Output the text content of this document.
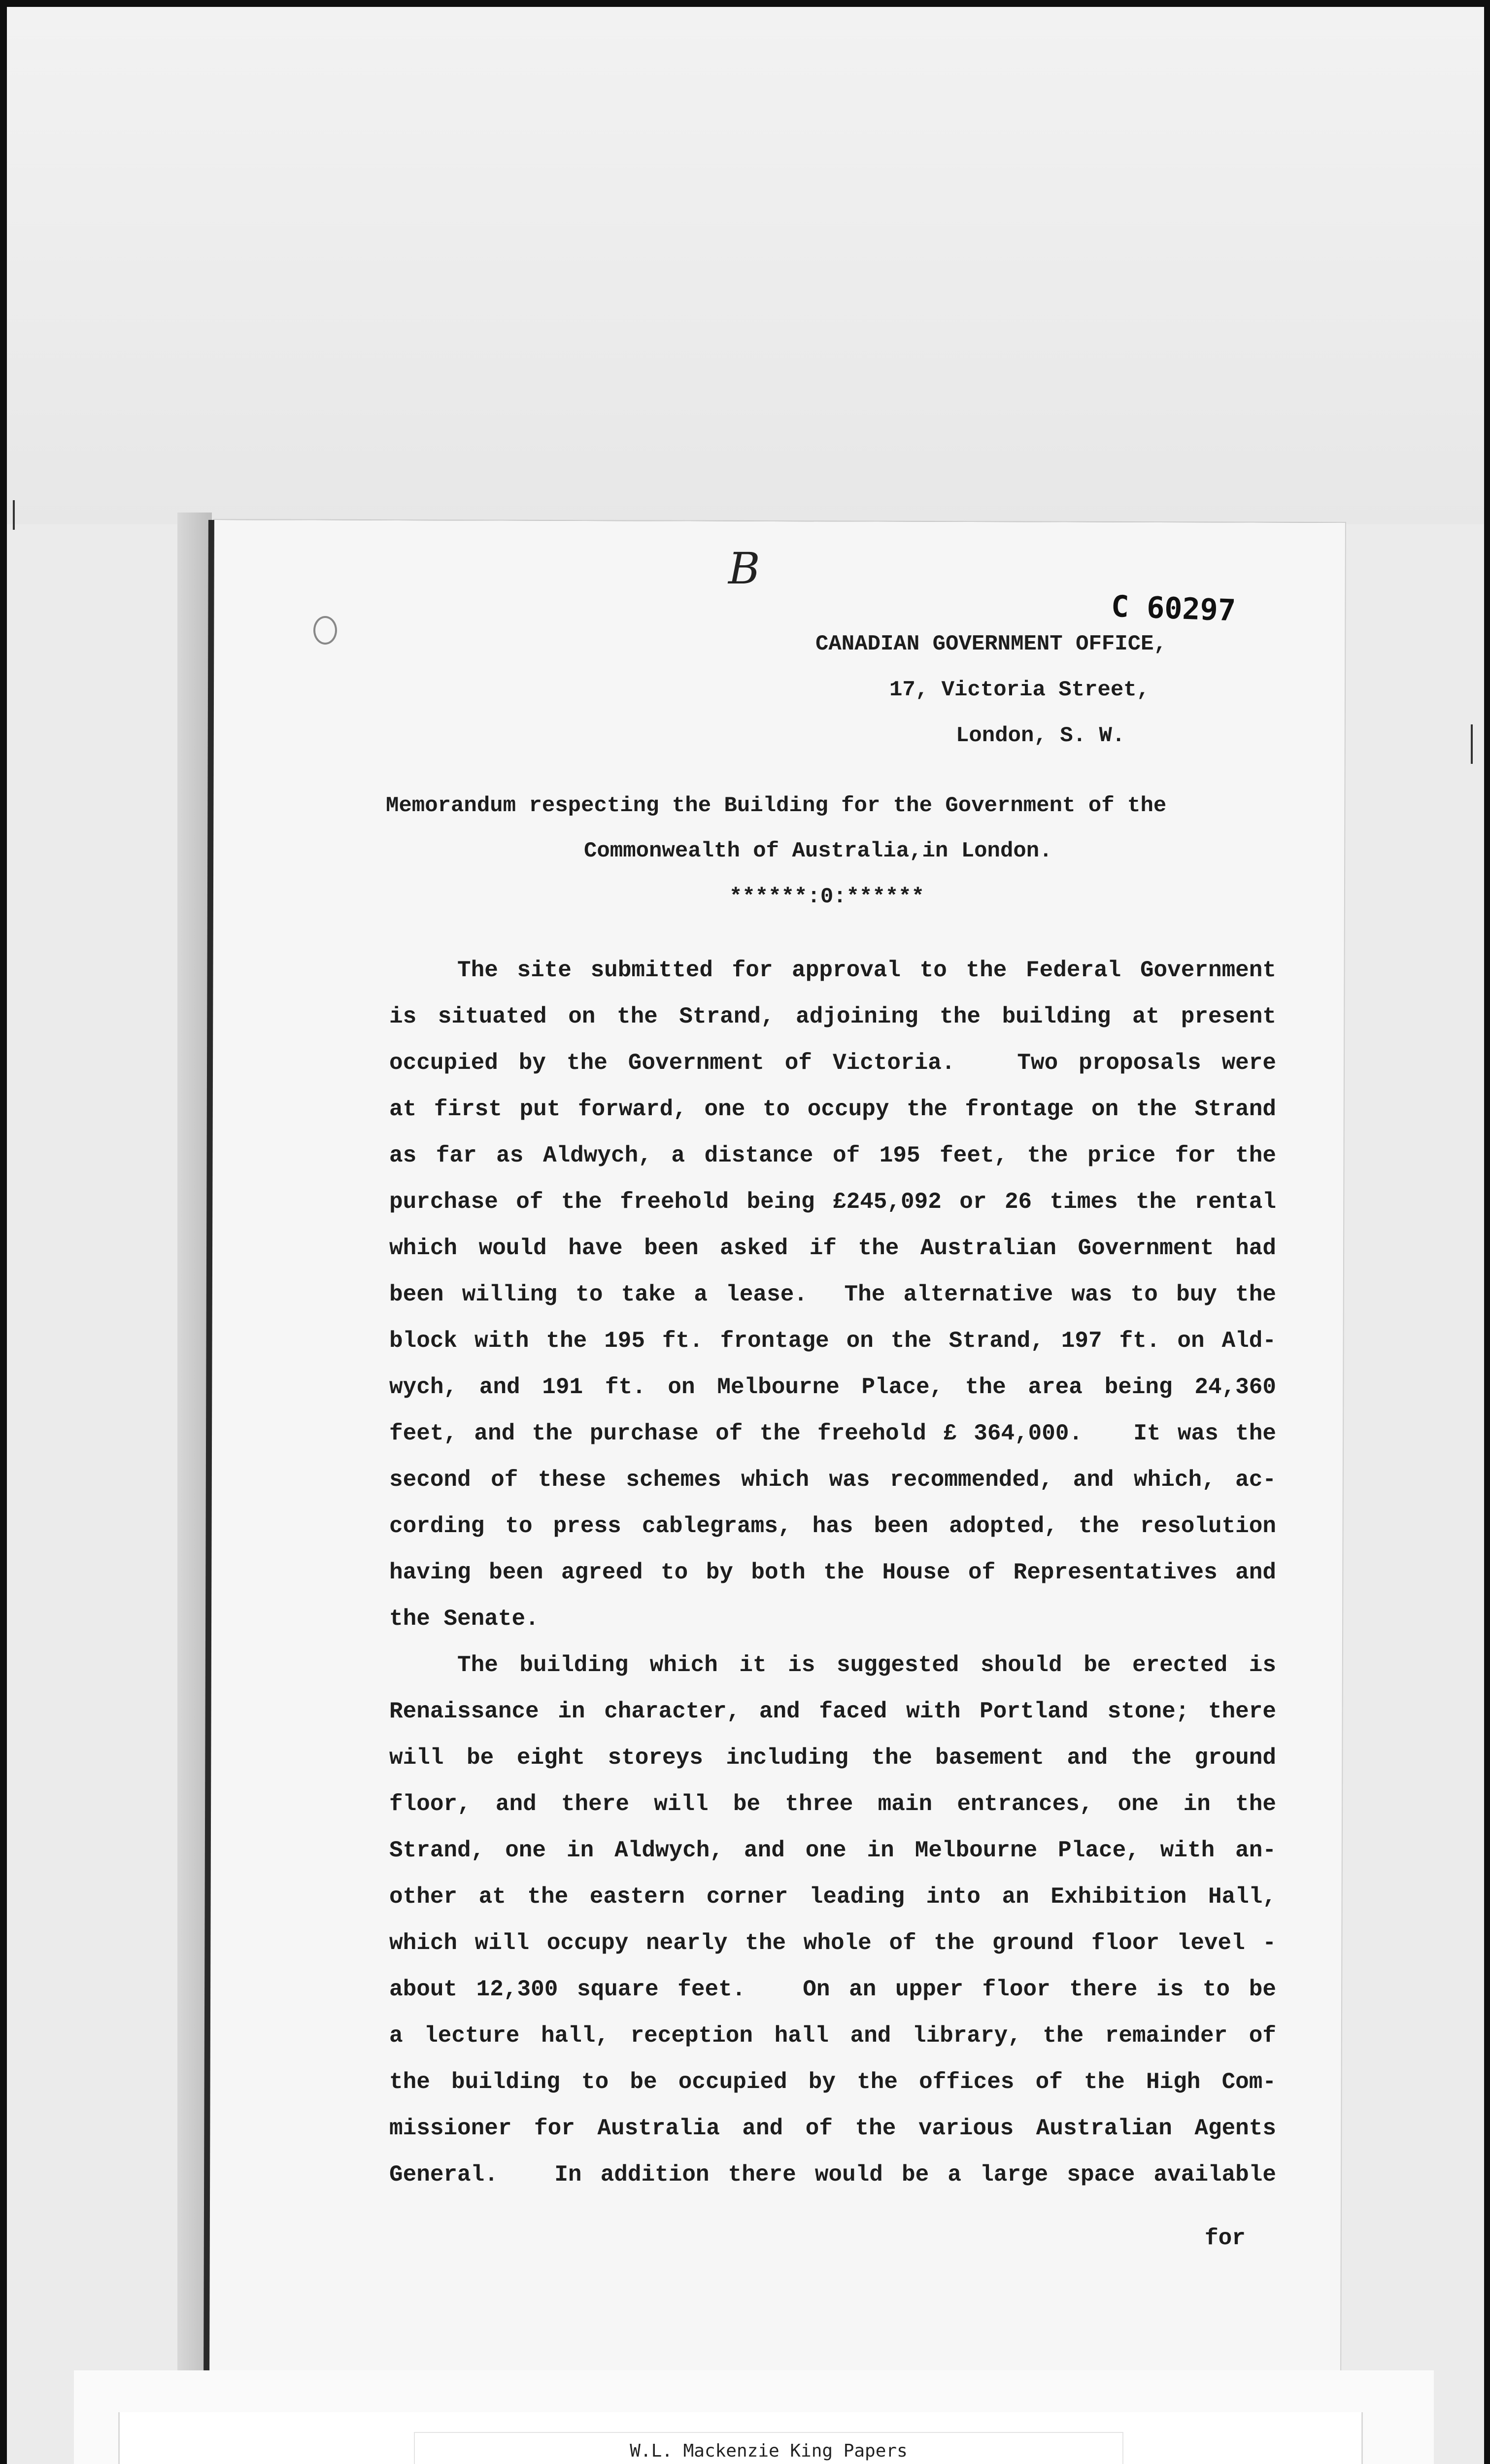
B
C 60297
CANADIAN GOVERNMENT OFFICE,
17, Victoria Street,
London, S. W.
Memorandum respecting the Building for the Government of the
Commonwealth of Australia,in London.
******:0:******
The site submitted for approval to the Federal Government
is situated on the Strand, adjoining the building at present
occupied by the Government of Victoria.   Two proposals were
at first put forward, one to occupy the frontage on the Strand
as far as Aldwych, a distance of 195 feet, the price for the
purchase of the freehold being £245,092 or 26 times the rental
which would have been asked if the Australian Government had
been willing to take a lease.  The alternative was to buy the
block with the 195 ft. frontage on the Strand, 197 ft. on Ald-
wych, and 191 ft. on Melbourne Place, the area being 24,360
feet, and the purchase of the freehold £ 364,000.   It was the
second of these schemes which was recommended, and which, ac-
cording to press cablegrams, has been adopted, the resolution
having been agreed to by both the House of Representatives and
the Senate.
The building which it is suggested should be erected is
Renaissance in character, and faced with Portland stone; there
will be eight storeys including the basement and the ground
floor, and there will be three main entrances, one in the
Strand, one in Aldwych, and one in Melbourne Place, with an-
other at the eastern corner leading into an Exhibition Hall,
which will occupy nearly the whole of the ground floor level -
about 12,300 square feet.   On an upper floor there is to be
a lecture hall, reception hall and library, the remainder of
the building to be occupied by the offices of the High Com-
missioner for Australia and of the various Australian Agents
General.   In addition there would be a large space available
for
W.L. Mackenzie King Papers
